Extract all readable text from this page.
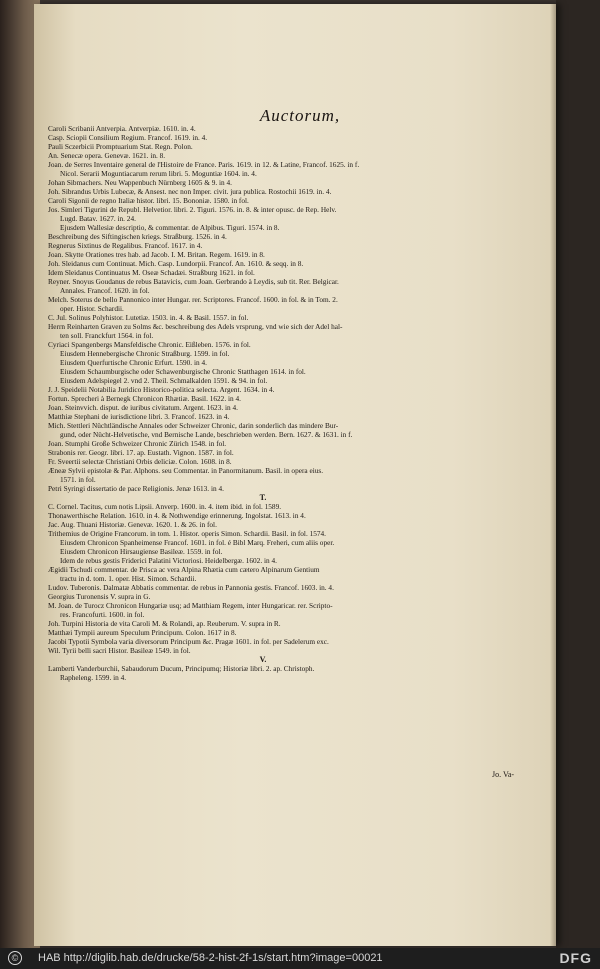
Auctorum,
Caroli Scribanii Antverpia. Antverpiæ. 1610. in. 4.
Casp. Sciopii Consilium Regium. Francof. 1619. in. 4.
Pauli Sczerbicii Promptuarium Stat. Regn. Polon.
An. Senecæ opera. Genevæ. 1621. in. 8.
Joan. de Serres Inventaire general de l'Histoire de France. Paris. 1619. in 12. & Latine, Francof. 1625. in f.
Nicol. Serarii Moguntiacarum rerum libri. 5. Moguntiæ 1604. in. 4.
Johan Sibmachers. Neu Wappenbuch Nürnberg 1605 & 9. in 4.
Joh. Sibrandus Urbis Lubecæ, & Ansest. nec non Imper. civit. jura publica. Rostochii 1619. in. 4.
Caroli Sigonii de regno Italiæ histor. libri. 15. Bononiæ. 1580. in fol.
Jos. Simleri Tigurini de Republ. Helvetior. libri. 2. Tiguri. 1576. in. 8. & inter opusc. de Rep. Helv.
Lugd. Batav. 1627. in. 24.
Ejusdem Wallesiæ descriptio, & commentar. de Alpibus. Tiguri. 1574. in 8.
Beschreibung des Siftingischen kriegs. Straßburg. 1526. in 4.
Regnerus Sixtinus de Regalibus. Francof. 1617. in 4.
Joan. Skytte Orationes tres hab. ad Jacob. I. M. Britan. Regem. 1619. in 8.
Joh. Sleidanus cum Continuat. Mich. Casp. Lundorpii. Francof. An. 1610. & seqq. in 8.
Idem Sleidanus Continuatus M. Oseæ Schadæi. Straßburg 1621. in fol.
Reyner. Snoyus Goudanus de rebus Batavicis, cum Joan. Gerbrando à Leydis, sub tit. Rer. Belgicar.
Annales. Francof. 1620. in fol.
Melch. Soterus de bello Pannonico inter Hungar. rer. Scriptores. Francof. 1600. in fol. & in Tom. 2.
oper. Histor. Schardii.
C. Jul. Solinus Polyhistor. Lutetiæ. 1503. in. 4. & Basil. 1557. in fol.
Herrn Reinharten Graven zu Solms &c. beschreibung des Adels vrsprung, vnd wie sich der Adel hal-
ten soll. Franckfurt 1564. in fol.
Cyriaci Spangenbergs Mansfeldische Chronic. Eißleben. 1576. in fol.
Eiusdem Hennebergische Chronic Straßburg. 1599. in fol.
Eiusdem Querfurtische Chronic Erfurt. 1590. in 4.
Eiusdem Schaumburgische oder Schawenburgische Chronic Statthagen 1614. in fol.
Eiusdem Adelspiegel 2. vnd 2. Theil. Schmalkalden 1591. & 94. in fol.
J. J. Speidelii Notabilia Juridico Historico-politica selecta. Argent. 1634. in 4.
Fortun. Sprecheri à Bernegk Chronicon Rhætiæ. Basil. 1622. in 4.
Joan. Steinvvich. disput. de iuribus civitatum. Argent. 1623. in 4.
Matthiæ Stephani de iurisdictione libri. 3. Francof. 1623. in 4.
Mich. Stettleri Nüchtländische Annales oder Schweizer Chronic, darin sonderlich das mindere Bur-
gund, oder Nücht-Helvetische, vnd Bernische Lande, beschrieben werden. Bern. 1627. & 1631. in f.
Joan. Stumphi Große Schweizer Chronic Zürich 1548. in fol.
Strabonis rer. Geogr. libri. 17. ap. Eustath. Vignon. 1587. in fol.
Fr. Sveertii selectæ Christiani Orbis deliciæ. Colon. 1608. in 8.
Æneæ Sylvii epistolæ & Par. Alphons. seu Commentar. in Panormitanum. Basil. in opera eius.
1571. in fol.
Petri Syringi dissertatio de pace Religionis. Jenæ 1613. in 4.
T.
C. Cornel. Tacitus, cum notis Lipsii. Anverp. 1600. in. 4. item ibid. in fol. 1589.
Thonawerthische Relation. 1610. in 4. & Nothwendige erinnerung. Ingolstat. 1613. in 4.
Jac. Aug. Thuani Historiæ. Genevæ. 1620. 1. & 26. in fol.
Trithemius de Origine Francorum. in tom. 1. Histor. operis Simon. Schardii. Basil. in fol. 1574.
Eiusdem Chronicon Spanheimense Francof. 1601. in fol. é Bibl Marq. Freheri, cum aliis oper.
Eiusdem Chronicon Hirsaugiense Basileæ. 1559. in fol.
Idem de rebus gestis Friderici Palatini Victoriosi. Heidelbergæ. 1602. in 4.
Ægidii Tschudi commentar. de Prisca ac vera Alpina Rhætia cum cætero Alpinarum Gentium
tractu in d. tom. 1. oper. Hist. Simon. Schardii.
Ludov. Tuberonis. Dalmatæ Abbatis commentar. de rebus in Pannonia gestis. Francof. 1603. in. 4.
Georgius Turonensis V. supra in G.
M. Joan. de Turocz Chronicon Hungariæ usq; ad Matthiam Regem, inter Hungaricar. rer. Scripto-
res. Francofurti. 1600. in fol.
Joh. Turpini Historia de vita Caroli M. & Rolandi, ap. Reuberum. V. supra in R.
Matthæi Tympii aureum Speculum Principum. Colon. 1617 in 8.
Jacobi Typotii Symbola varia diversorum Principum &c. Pragæ 1601. in fol. per Sadelerum exc.
Wil. Tyrii belli sacri Histor. Basileæ 1549. in fol.
V.
Lamberti Vanderburchii, Sabaudorum Ducum, Principumq; Historiæ libri. 2. ap. Christoph.
Rapheleng. 1599. in 4.
Jo. Va-
©	HAB http://diglib.hab.de/drucke/58-2-hist-2f-1s/start.htm?image=00021	DFG
